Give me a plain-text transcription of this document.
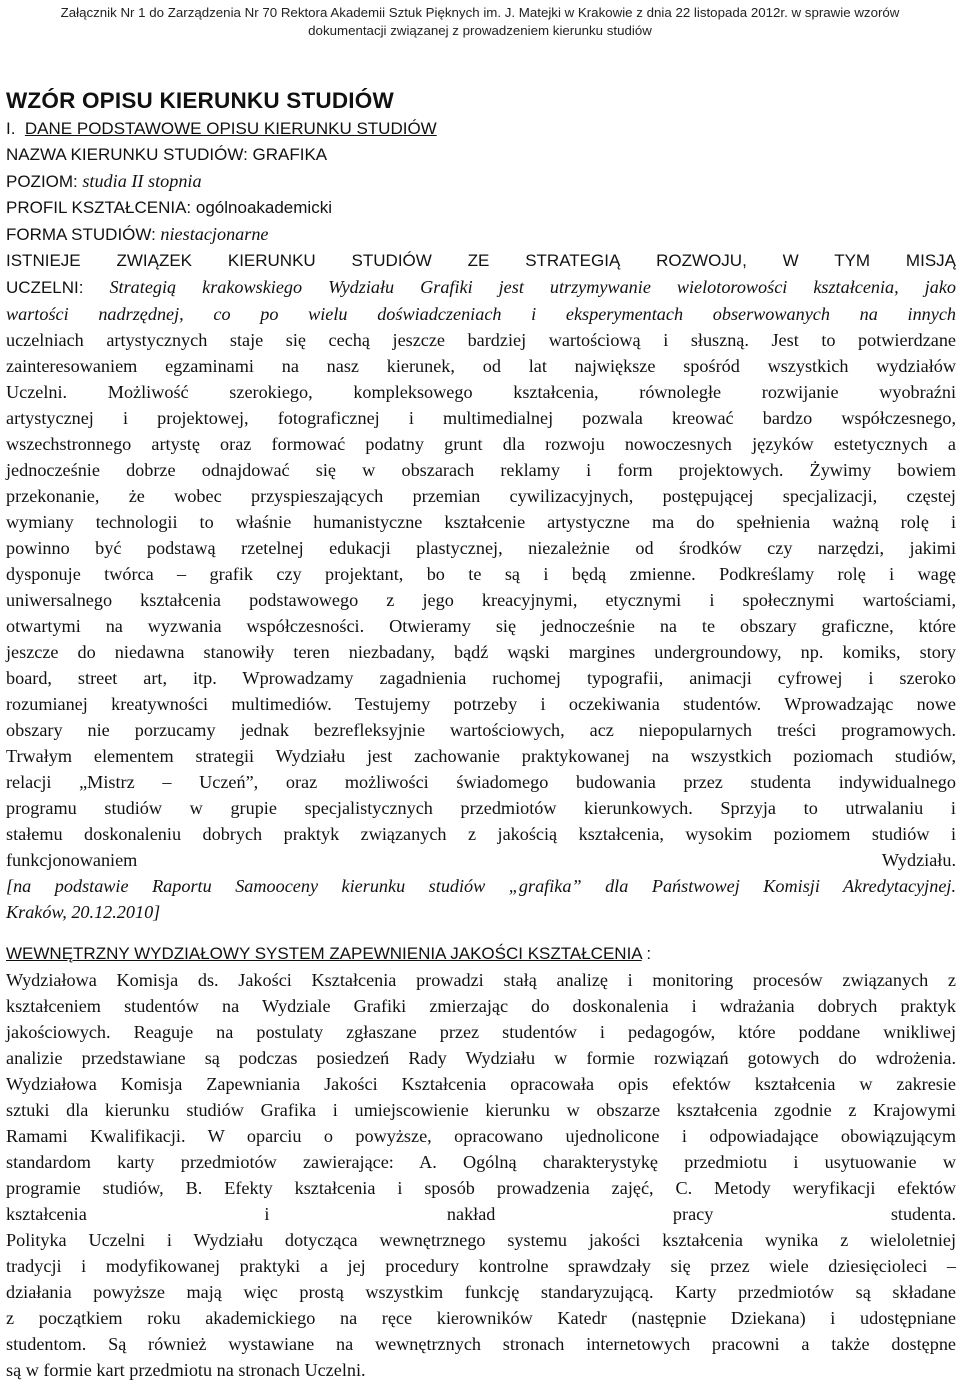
Załącznik Nr 1 do Zarządzenia Nr 70 Rektora Akademii Sztuk Pięknych im. J. Matejki w Krakowie z dnia 22 listopada 2012r. w sprawie wzorów
dokumentacji związanej z prowadzeniem kierunku studiów
WZÓR OPISU KIERUNKU STUDIÓW
I. DANE PODSTAWOWE OPISU KIERUNKU STUDIÓW
NAZWA KIERUNKU STUDIÓW: GRAFIKA
POZIOM: studia II stopnia
PROFIL KSZTAŁCENIA: ogólnoakademicki
FORMA STUDIÓW: niestacjonarne
ISTNIEJE ZWIĄZEK KIERUNKU STUDIÓW ZE STRATEGIĄ ROZWOJU, W TYM MISJĄ
UCZELNI: Strategią krakowskiego Wydziału Grafiki jest utrzymywanie wielotorowości kształcenia, jako
wartości nadrzędnej, co po wielu doświadczeniach i eksperymentach obserwowanych na innych
uczelniach artystycznych staje się cechą jeszcze bardziej wartościową i słuszną. Jest to potwierdzane
zainteresowaniem egzaminami na nasz kierunek, od lat największe spośród wszystkich wydziałów
Uczelni. Możliwość szerokiego, kompleksowego kształcenia, równoległe rozwijanie wyobraźni
artystycznej i projektowej, fotograficznej i multimedialnej pozwala kreować bardzo współczesnego,
wszechstronnego artystę oraz formować podatny grunt dla rozwoju nowoczesnych języków estetycznych a
jednocześnie dobrze odnajdować się w obszarach reklamy i form projektowych. Żywimy bowiem
przekonanie, że wobec przyspieszających przemian cywilizacyjnych, postępującej specjalizacji, częstej
wymiany technologii to właśnie humanistyczne kształcenie artystyczne ma do spełnienia ważną rolę i
powinno być podstawą rzetelnej edukacji plastycznej, niezależnie od środków czy narzędzi, jakimi
dysponuje twórca – grafik czy projektant, bo te są i będą zmienne. Podkreślamy rolę i wagę
uniwersalnego kształcenia podstawowego z jego kreacyjnymi, etycznymi i społecznymi wartościami,
otwartymi na wyzwania współczesności. Otwieramy się jednocześnie na te obszary graficzne, które
jeszcze do niedawna stanowiły teren niezbadany, bądź wąski margines undergroundowy, np. komiks, story
board, street art, itp. Wprowadzamy zagadnienia ruchomej typografii, animacji cyfrowej i szeroko
rozumianej kreatywności multimediów. Testujemy potrzeby i oczekiwania studentów. Wprowadzając nowe
obszary nie porzucamy jednak bezrefleksyjnie wartościowych, acz niepopularnych treści programowych.
Trwałym elementem strategii Wydziału jest zachowanie praktykowanej na wszystkich poziomach studiów,
relacji „Mistrz – Uczeń”, oraz możliwości świadomego budowania przez studenta indywidualnego
programu studiów w grupie specjalistycznych przedmiotów kierunkowych. Sprzyja to utrwalaniu i
stałemu doskonaleniu dobrych praktyk związanych z jakością kształcenia, wysokim poziomem studiów i
funkcjonowaniem Wydziału.
[na podstawie Raportu Samooceny kierunku studiów „grafika” dla Państwowej Komisji Akredytacyjnej.
Kraków, 20.12.2010]
WEWNĘTRZNY WYDZIAŁOWY SYSTEM ZAPEWNIENIA JAKOŚCI KSZTAŁCENIA :
Wydziałowa Komisja ds. Jakości Kształcenia prowadzi stałą analizę i monitoring procesów związanych z
kształceniem studentów na Wydziale Grafiki zmierzając do doskonalenia i wdrażania dobrych praktyk
jakościowych. Reaguje na postulaty zgłaszane przez studentów i pedagogów, które poddane wnikliwej
analizie przedstawiane są podczas posiedzeń Rady Wydziału w formie rozwiązań gotowych do wdrożenia.
Wydziałowa Komisja Zapewniania Jakości Kształcenia opracowała opis efektów kształcenia w zakresie
sztuki dla kierunku studiów Grafika i umiejscowienie kierunku w obszarze kształcenia zgodnie z Krajowymi
Ramami Kwalifikacji. W oparciu o powyższe, opracowano ujednolicone i odpowiadające obowiązującym
standardom karty przedmiotów zawierające: A. Ogólną charakterystykę przedmiotu i usytuowanie w
programie studiów, B. Efekty kształcenia i sposób prowadzenia zajęć, C. Metody weryfikacji efektów
kształcenia i nakład pracy studenta.
Polityka Uczelni i Wydziału dotycząca wewnętrznego systemu jakości kształcenia wynika z wieloletniej
tradycji i modyfikowanej praktyki a jej procedury kontrolne sprawdzały się przez wiele dziesięcioleci –
działania powyższe mają więc prostą wszystkim funkcję standaryzującą. Karty przedmiotów są składane
z początkiem roku akademickiego na ręce kierowników Katedr (następnie Dziekana) i udostępniane
studentom. Są również wystawiane na wewnętrznych stronach internetowych pracowni a także dostępne
są w formie kart przedmiotu na stronach Uczelni.
